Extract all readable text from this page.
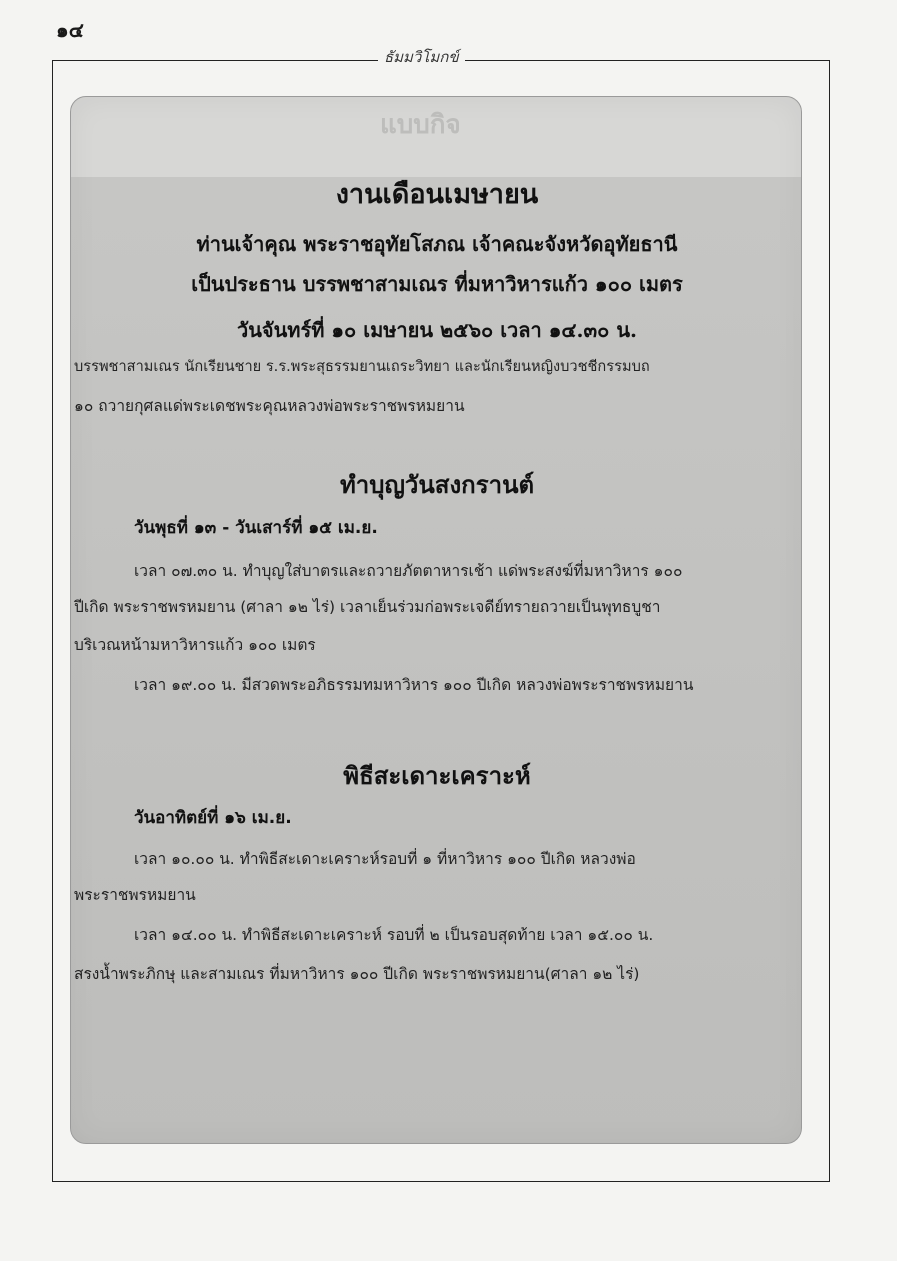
๑๔
ธัมมวิโมกข์
แบบกิจ
งานเดือนเมษายน
ท่านเจ้าคุณ พระราชอุทัยโสภณ เจ้าคณะจังหวัดอุทัยธานี
เป็นประธาน บรรพชาสามเณร ที่มหาวิหารแก้ว ๑๐๐ เมตร
วันจันทร์ที่ ๑๐ เมษายน ๒๕๖๐ เวลา ๑๔.๓๐ น.
บรรพชาสามเณร นักเรียนชาย ร.ร.พระสุธรรมยานเถระวิทยา และนักเรียนหญิงบวชชีกรรมบถ
๑๐ ถวายกุศลแด่พระเดชพระคุณหลวงพ่อพระราชพรหมยาน
ทำบุญวันสงกรานต์
วันพุธที่ ๑๓ - วันเสาร์ที่ ๑๕ เม.ย.
เวลา ๐๗.๓๐ น. ทำบุญใส่บาตรและถวายภัตตาหารเช้า แด่พระสงฆ์ที่มหาวิหาร ๑๐๐
ปีเกิด พระราชพรหมยาน (ศาลา ๑๒ ไร่) เวลาเย็นร่วมก่อพระเจดีย์ทรายถวายเป็นพุทธบูชา
บริเวณหน้ามหาวิหารแก้ว ๑๐๐ เมตร
เวลา ๑๙.๐๐ น. มีสวดพระอภิธรรมทมหาวิหาร ๑๐๐ ปีเกิด หลวงพ่อพระราชพรหมยาน
พิธีสะเดาะเคราะห์
วันอาทิตย์ที่ ๑๖ เม.ย.
เวลา ๑๐.๐๐ น. ทำพิธีสะเดาะเคราะห์รอบที่ ๑ ที่หาวิหาร ๑๐๐ ปีเกิด หลวงพ่อ
พระราชพรหมยาน
เวลา ๑๔.๐๐ น. ทำพิธีสะเดาะเคราะห์ รอบที่ ๒ เป็นรอบสุดท้าย เวลา ๑๕.๐๐ น.
สรงน้ำพระภิกษุ และสามเณร ที่มหาวิหาร ๑๐๐ ปีเกิด พระราชพรหมยาน(ศาลา ๑๒ ไร่)
